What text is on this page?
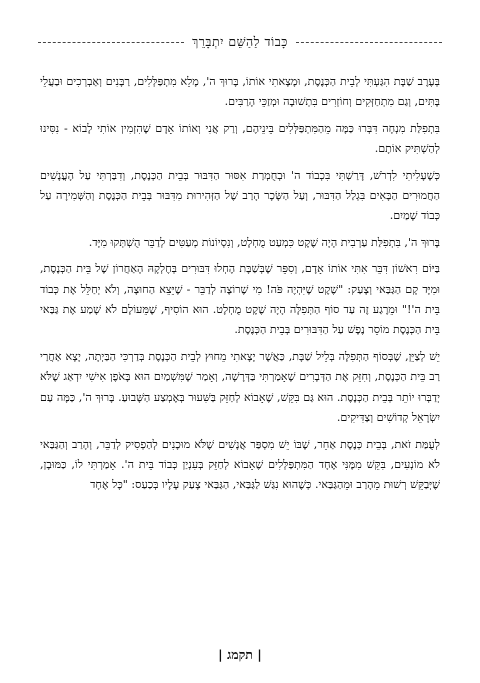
כָּבוֹד לַהַשֵּׁם יִתְבָּרֵךְ

בְּעֶרֶב שַׁבָּת הִגַּעְתִּי לְבֵית הַכְּנֶסֶת, וּמָצָאתִי אוֹתוֹ, בָּרוּךְ ה', מָלֵא מִתְפַּלְּלִים, רַבָּנִים וְאַבְרְכִים וּבַעֲלֵי בָּתִּים, וְגַם מִתְחַזְּקִים וְחוֹזְרִים בִּתְשׁוּבָה וּמְזַכֵּי הָרַבִּים.

בִּתְפִלַּת מִנְחָה דִּבְּרוּ כַּמָּה מֵהַמִּתְפַּלְּלִים בֵּינֵיהֶם, וְרַק אֲנִי וְאוֹתוֹ אָדָם שֶׁהִזְמִין אוֹתִי לָבוֹא - נִסִּינוּ לְהַשְׁתִּיק אוֹתָם.

כְּשֶׁעָלִיתִי לִדְרֹשׁ, דָּרַשְׁתִּי בִּכְבוֹד ה' וּבְחֻמְרַת אִסּוּר הַדִּבּוּר בְּבֵית הַכְּנֶסֶת, וְדִבַּרְתִּי עַל הָעֳנָשִׁים הַחֲמוּרִים הַבָּאִים בִּגְלַל הַדִּבּוּר, וְעַל הַשָּׂכָר הָרַב שֶׁל הַזְּהִירוּת מִדִּבּוּר בְּבֵית הַכְּנֶסֶת וְהַשְּׁמִירָה עַל כְּבוֹד שָׁמַיִם.

בָּרוּךְ ה', בִּתְפִלַּת עַרְבִית הָיָה שֶׁקֶט כִּמְעַט מֻחְלָט, וְנִסְיוֹנוֹת מְעַטִּים לְדַבֵּר הֻשְׁתְּקוּ מִיָּד.

בַּיּוֹם רִאשׁוֹן דִּבֵּר אִתִּי אוֹתוֹ אָדָם, וְסִפֵּר שֶׁבְּשַׁבָּת הֶחְלוּ דִּבּוּרִים בְּחֶלְקָהּ הָאַחֲרוֹן שֶׁל בֵּית הַכְּנֶסֶת, וּמִיָּד קָם הַגַּבַּאי וְצָעַק: "שֶׁקֶט שֶׁיִּהְיֶה פֹּה! מִי שֶׁרוֹצֶה לְדַבֵּר - שֶׁיֵּצֵא הַחוּצָה, וְלֹא יְחַלֵּל אֶת כְּבוֹד בֵּית ה'!" וּמֵרֶגַע זֶה עַד סוֹף הַתְּפִלָּה הָיָה שֶׁקֶט מֻחְלָט. הוּא הוֹסִיף, שֶׁמֵּעוֹלָם לֹא שָׁמַע אֶת גַּבַּאי בֵּית הַכְּנֶסֶת מוֹסֵר נֶפֶשׁ עַל הַדִּבּוּרִים בְּבֵית הַכְּנֶסֶת.

יֵשׁ לְצַיֵּן, שֶׁבְּסוֹף הַתְּפִלָּה בְּלֵיל שַׁבָּת, כַּאֲשֶׁר יָצָאתִי מֵחוּץ לְבֵית הַכְּנֶסֶת בְּדַרְכִּי הַבַּיְתָה, יָצָא אַחֲרַי רַב בֵּית הַכְּנֶסֶת, וְחִזֵּק אֶת הַדְּבָרִים שֶׁאָמַרְתִּי בַּדְּרָשָׁה, וְאָמַר שֶׁמִּשְׁמַיִם הוּא בָּאֹפֶן אִישִׁי יִדְאַג שֶׁלֹּא יְדַבְּרוּ יוֹתֵר בְּבֵית הַכְּנֶסֶת. הוּא גַּם בִּקֵּשׁ, שֶׁאָבוֹא לְחַזֵּק בַּשִּׁעוּר בְּאֶמְצַע הַשָּׁבוּעַ. בָּרוּךְ ה', כַּמָּה עַם יִשְׂרָאֵל קְדוֹשִׁים וְצַדִּיקִים.

לְעֻמַּת זֹאת, בְּבֵית כְּנֶסֶת אַחֵר, שֶׁבּוֹ יֵשׁ מִסְפַּר אֲנָשִׁים שֶׁלֹּא מוּכָנִים לְהַפְסִיק לְדַבֵּר, וְהָרַב וְהַגַּבַּאי לֹא מוֹנְעִים, בִּקֵּשׁ מִמֶּנִּי אֶחָד הַמִּתְפַּלְּלִים שֶׁאָבוֹא לְחַזֵּק בְּעִנְיַן כְּבוֹד בֵּית ה'. אָמַרְתִּי לוֹ, כַּמּוּבָן, שֶׁיְּבַקֵּשׁ רְשׁוּת מֵהָרַב וּמֵהַגַּבַּאי. כְּשֶׁהוּא נִגַּשׁ לַגַּבַּאי, הַגַּבַּאי צָעַק עָלָיו בְּכַעַס: "כָּל אֶחָד

| תקמג |
